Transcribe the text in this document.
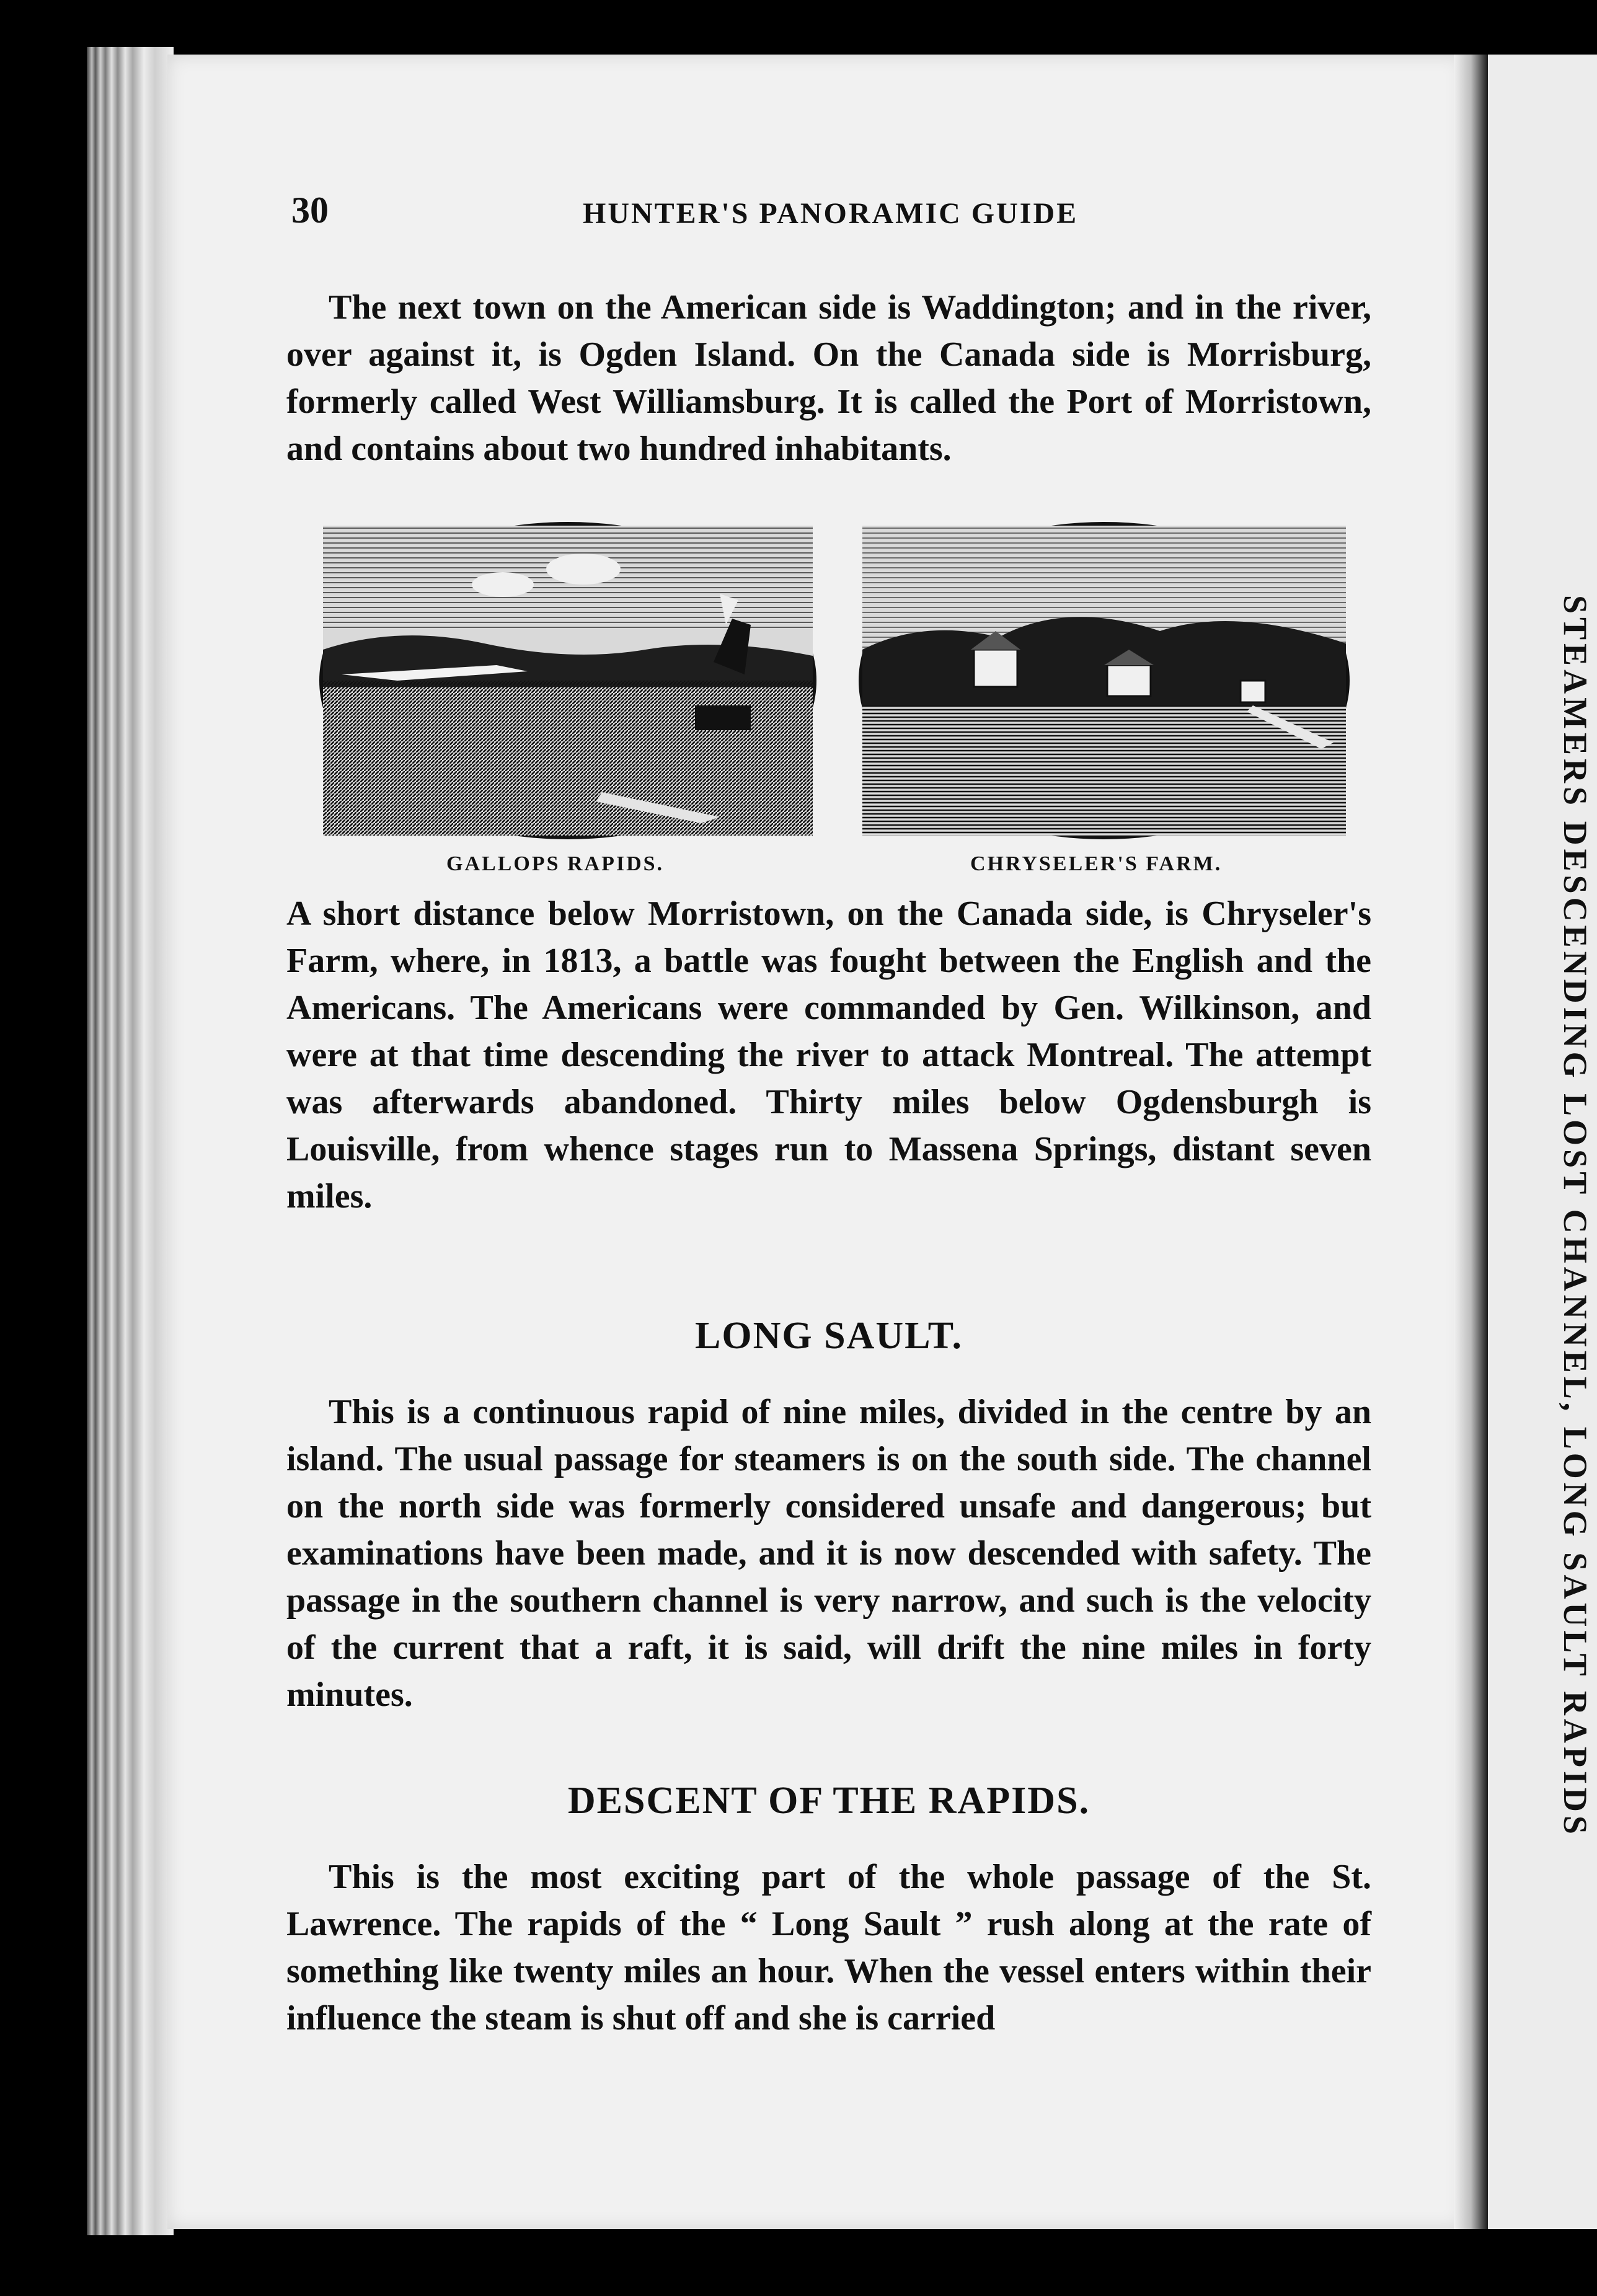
STEAMERS DESCENDING LOST CHANNEL, LONG SAULT RAPIDS
30	HUNTER'S PANORAMIC GUIDE

The next town on the American side is Waddington; and in the river, over against it, is Ogden Island. On the Canada side is Morrisburg, formerly called West Williamsburg. It is called the Port of Morristown, and contains about two hundred inhabitants.

GALLOPS RAPIDS.	CHRYSELER'S FARM.

A short distance below Morristown, on the Canada side, is Chryseler's Farm, where, in 1813, a battle was fought between the English and the Americans. The Americans were commanded by Gen. Wilkinson, and were at that time descending the river to attack Montreal. The attempt was afterwards abandoned. Thirty miles below Ogdensburgh is Louisville, from whence stages run to Massena Springs, distant seven miles.

LONG SAULT.

This is a continuous rapid of nine miles, divided in the centre by an island. The usual passage for steamers is on the south side. The channel on the north side was formerly considered unsafe and dangerous; but examinations have been made, and it is now descended with safety. The passage in the southern channel is very narrow, and such is the velocity of the current that a raft, it is said, will drift the nine miles in forty minutes.

DESCENT OF THE RAPIDS.

This is the most exciting part of the whole passage of the St. Lawrence. The rapids of the “ Long Sault ” rush along at the rate of something like twenty miles an hour. When the vessel enters within their influence the steam is shut off and she is carried
